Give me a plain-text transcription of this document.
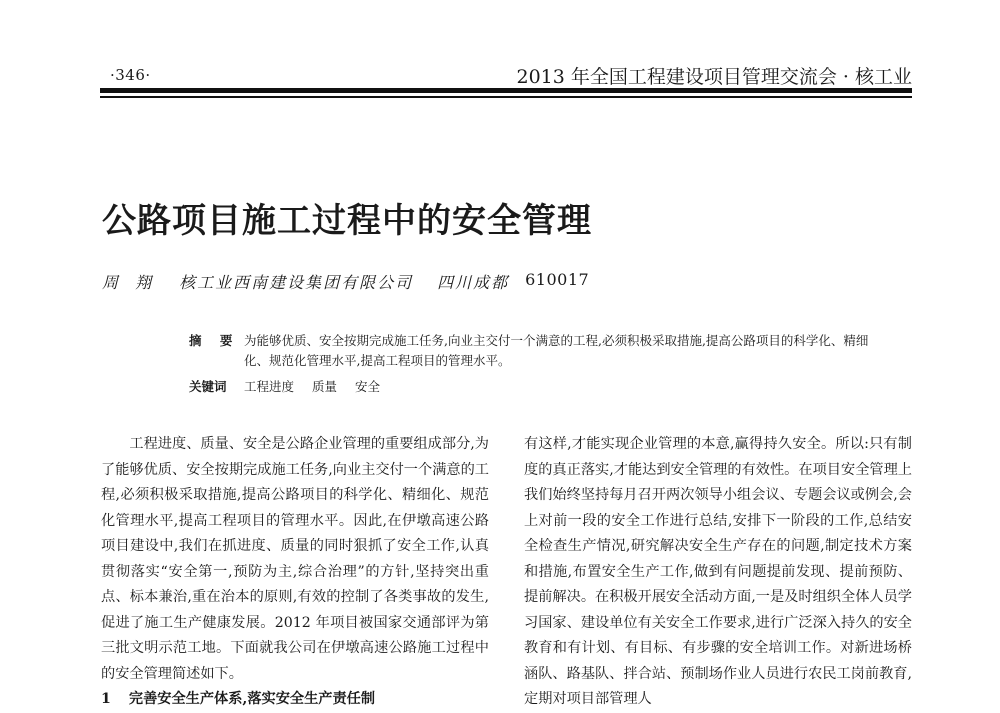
·346·	2013 年全国工程建设项目管理交流会 · 核工业
公路项目施工过程中的安全管理
周 翔 核工业西南建设集团有限公司 四川成都 610017
摘 要 为能够优质、安全按期完成施工任务,向业主交付一个满意的工程,必须积极采取措施,提高公路项目的科学化、精细化、规范化管理水平,提高工程项目的管理水平。
关键词	工程进度 质量 安全

工程进度、质量、安全是公路企业管理的重要组成部分,为了能够优质、安全按期完成施工任务,向业主交付一个满意的工程,必须积极采取措施,提高公路项目的科学化、精细化、规范化管理水平,提高工程项目的管理水平。因此,在伊墩高速公路项目建设中,我们在抓进度、质量的同时狠抓了安全工作,认真贯彻落实“安全第一,预防为主,综合治理”的方针,坚持突出重点、标本兼治,重在治本的原则,有效的控制了各类事故的发生,促进了施工生产健康发展。2012 年项目被国家交通部评为第三批文明示范工地。下面就我公司在伊墩高速公路施工过程中的安全管理简述如下。

1 完善安全生产体系,落实安全生产责任制

有这样,才能实现企业管理的本意,赢得持久安全。所以:只有制度的真正落实,才能达到安全管理的有效性。在项目安全管理上我们始终坚持每月召开两次领导小组会议、专题会议或例会,会上对前一段的安全工作进行总结,安排下一阶段的工作,总结安全检查生产情况,研究解决安全生产存在的问题,制定技术方案和措施,布置安全生产工作,做到有问题提前发现、提前预防、提前解决。在积极开展安全活动方面,一是及时组织全体人员学习国家、建设单位有关安全工作要求,进行广泛深入持久的安全教育和有计划、有目标、有步骤的安全培训工作。对新进场桥涵队、路基队、拌合站、预制场作业人员进行农民工岗前教育,定期对项目部管理人
